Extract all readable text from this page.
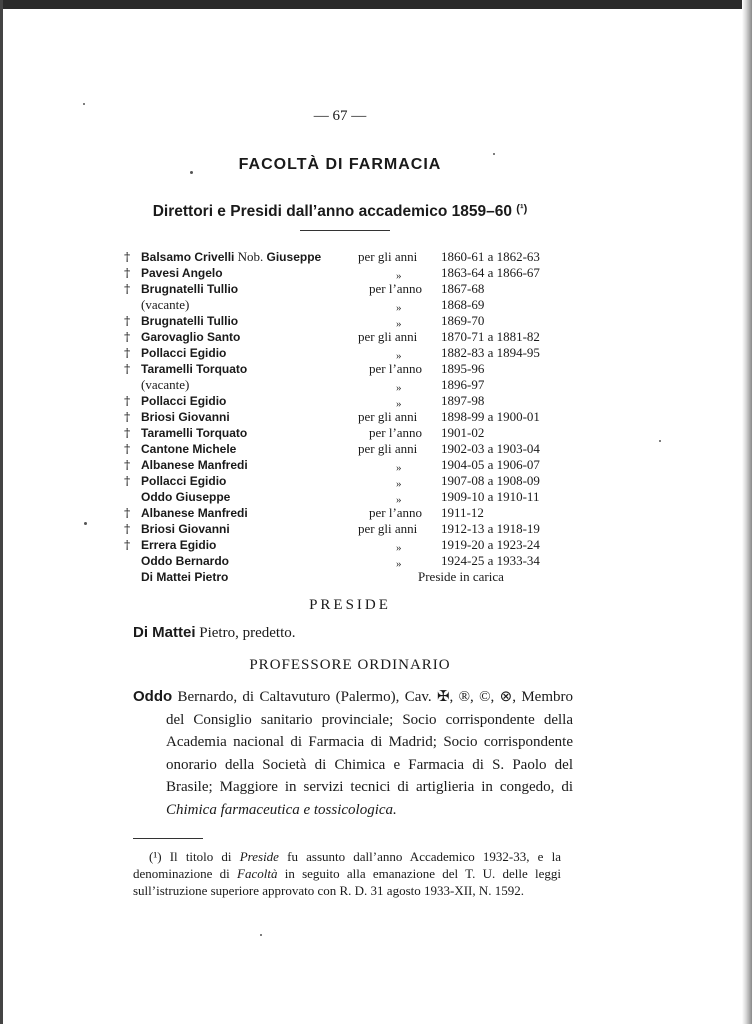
— 67 —
FACOLTÀ DI FARMACIA
Direttori e Presidi dall’anno accademico 1859–60 $^{(^1)}$
† Balsamo Crivelli Nob. Giuseppe	per gli anni 1860-61 a 1862-63
† Pavesi Angelo	»	1863-64 a 1866-67
† Brugnatelli Tullio	per l’anno 1867-68
(vacante)	»	1868-69
† Brugnatelli Tullio	»	1869-70
† Garovaglio Santo	per gli anni 1870-71 a 1881-82
† Pollacci Egidio	»	1882-83 a 1894-95
† Taramelli Torquato	per l’anno 1895-96
(vacante)	»	1896-97
† Pollacci Egidio	»	1897-98
† Briosi Giovanni	per gli anni 1898-99 a 1900-01
† Taramelli Torquato	per l’anno 1901-02
† Cantone Michele	per gli anni 1902-03 a 1903-04
† Albanese Manfredi	»	1904-05 a 1906-07
† Pollacci Egidio	»	1907-08 a 1908-09
Oddo Giuseppe	»	1909-10 a 1910-11
† Albanese Manfredi	per l’anno 1911-12
† Briosi Giovanni	per gli anni 1912-13 a 1918-19
† Errera Egidio	»	1919-20 a 1923-24
Oddo Bernardo	»	1924-25 a 1933-34
Di Mattei Pietro	Preside in carica
PRESIDE
Di Mattei Pietro, predetto.
PROFESSORE ORDINARIO
Oddo Bernardo, di Caltavuturo (Palermo), Cav. ✠, ®, ©, ⊗, Membro del Consiglio sanitario provinciale; Socio corrispondente della Academia nacional di Farmacia di Madrid; Socio corrispondente onorario della Società di Chimica e Farmacia di S. Paolo del Brasile; Maggiore in servizi tecnici di artiglieria in congedo, di Chimica farmaceutica e tossicologica.

(¹) Il titolo di Preside fu assunto dall’anno Accademico 1932-33, e la denominazione di Facoltà in seguito alla emanazione del T. U. delle leggi sull’istruzione superiore approvato con R. D. 31 agosto 1933-XII, N. 1592.
